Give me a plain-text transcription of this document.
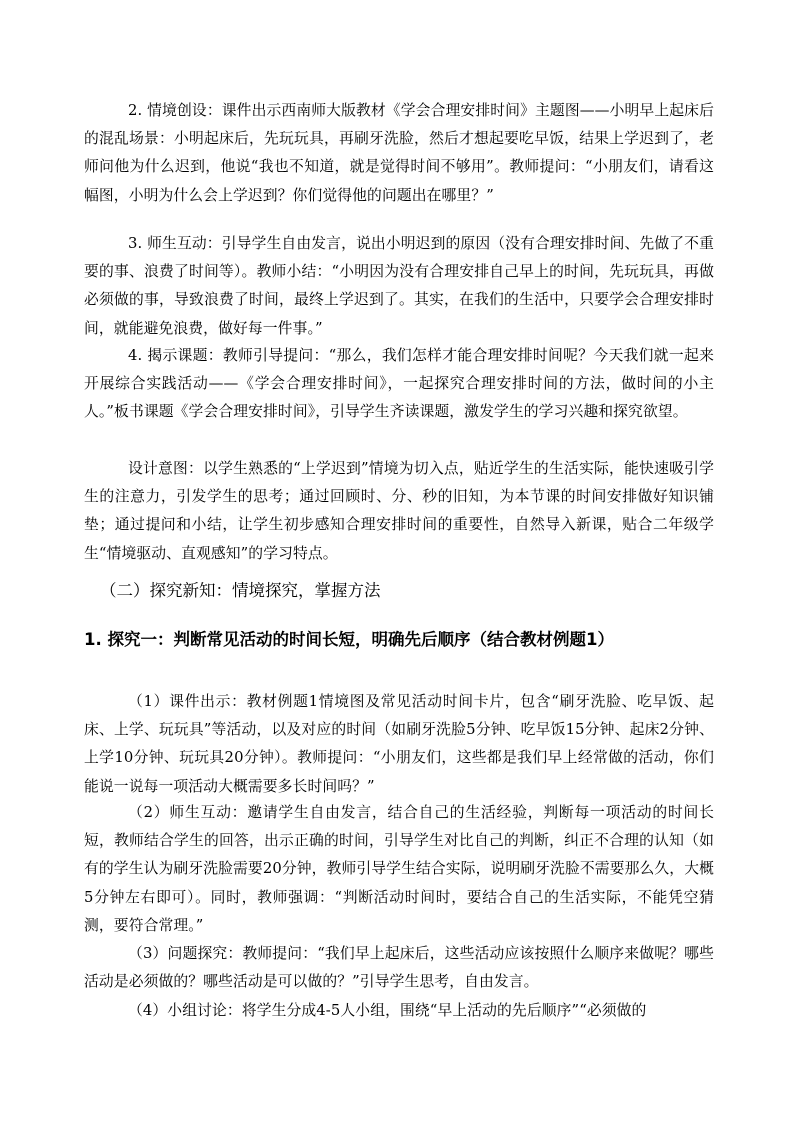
2. 情境创设：课件出示西南师大版教材《学会合理安排时间》主题图——小明早上起床后的混乱场景：小明起床后，先玩玩具，再刷牙洗脸，然后才想起要吃早饭，结果上学迟到了，老师问他为什么迟到，他说“我也不知道，就是觉得时间不够用”。教师提问：“小朋友们，请看这幅图，小明为什么会上学迟到？你们觉得他的问题出在哪里？”
3. 师生互动：引导学生自由发言，说出小明迟到的原因（没有合理安排时间、先做了不重要的事、浪费了时间等）。教师小结：“小明因为没有合理安排自己早上的时间，先玩玩具，再做必须做的事，导致浪费了时间，最终上学迟到了。其实，在我们的生活中，只要学会合理安排时间，就能避免浪费，做好每一件事。”
4. 揭示课题：教师引导提问：“那么，我们怎样才能合理安排时间呢？今天我们就一起来开展综合实践活动——《学会合理安排时间》，一起探究合理安排时间的方法，做时间的小主人。”板书课题《学会合理安排时间》，引导学生齐读课题，激发学生的学习兴趣和探究欲望。
设计意图：以学生熟悉的“上学迟到”情境为切入点，贴近学生的生活实际，能快速吸引学生的注意力，引发学生的思考；通过回顾时、分、秒的旧知，为本节课的时间安排做好知识铺垫；通过提问和小结，让学生初步感知合理安排时间的重要性，自然导入新课，贴合二年级学生“情境驱动、直观感知”的学习特点。
（二）探究新知：情境探究，掌握方法
1. 探究一：判断常见活动的时间长短，明确先后顺序（结合教材例题1）
（1）课件出示：教材例题1情境图及常见活动时间卡片，包含“刷牙洗脸、吃早饭、起床、上学、玩玩具”等活动，以及对应的时间（如刷牙洗脸5分钟、吃早饭15分钟、起床2分钟、上学10分钟、玩玩具20分钟）。教师提问：“小朋友们，这些都是我们早上经常做的活动，你们能说一说每一项活动大概需要多长时间吗？”
（2）师生互动：邀请学生自由发言，结合自己的生活经验，判断每一项活动的时间长短，教师结合学生的回答，出示正确的时间，引导学生对比自己的判断，纠正不合理的认知（如有的学生认为刷牙洗脸需要20分钟，教师引导学生结合实际，说明刷牙洗脸不需要那么久，大概5分钟左右即可）。同时，教师强调：“判断活动时间时，要结合自己的生活实际，不能凭空猜测，要符合常理。”
（3）问题探究：教师提问：“我们早上起床后，这些活动应该按照什么顺序来做呢？哪些活动是必须做的？哪些活动是可以做的？”引导学生思考，自由发言。
（4）小组讨论：将学生分成4-5人小组，围绕“早上活动的先后顺序”“必须做的
